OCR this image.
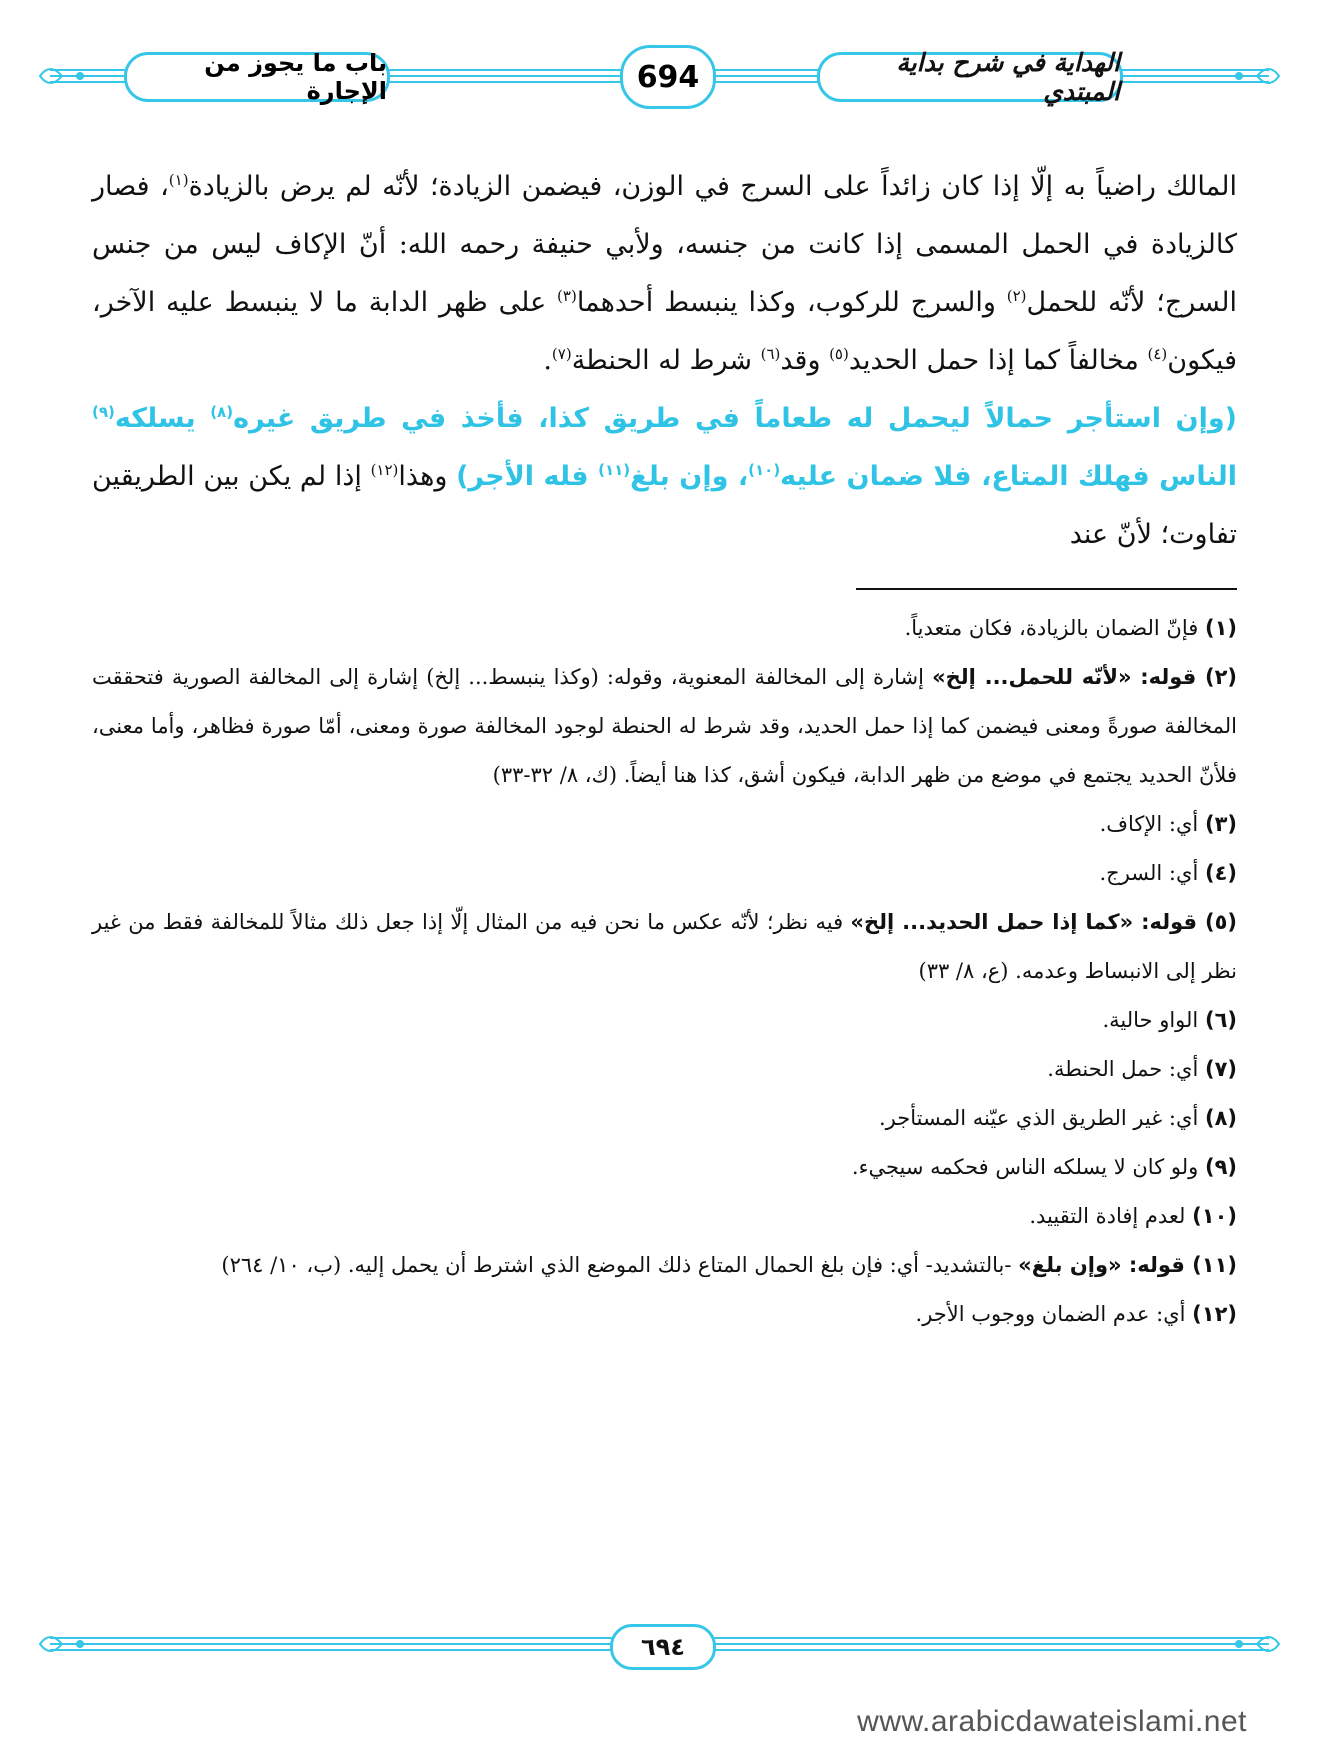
الهداية في شرح بداية المبتدي
694
باب ما يجوز من الإجارة

المالك راضياً به إلّا إذا كان زائداً على السرج في الوزن، فيضمن الزيادة؛ لأنّه لم يرض بالزيادة$^{(١)}$، فصار كالزيادة في الحمل المسمى إذا كانت من جنسه، ولأبي حنيفة رحمه الله: أنّ الإكاف ليس من جنس السرج؛ لأنّه للحمل$^{(٢)}$ والسرج للركوب، وكذا ينبسط أحدهما$^{(٣)}$ على ظهر الدابة ما لا ينبسط عليه الآخر، فيكون$^{(٤)}$ مخالفاً كما إذا حمل الحديد$^{(٥)}$ وقد$^{(٦)}$ شرط له الحنطة$^{(٧)}$.

(وإن استأجر حمالاً ليحمل له طعاماً في طريق كذا، فأخذ في طريق غيره$^{(٨)}$ يسلكه$^{(٩)}$ الناس فهلك المتاع، فلا ضمان عليه$^{(١٠)}$، وإن بلغ$^{(١١)}$ فله الأجر) وهذا$^{(١٢)}$ إذا لم يكن بين الطريقين تفاوت؛ لأنّ عند

(١) فإنّ الضمان بالزيادة، فكان متعدياً.

(٢) قوله: «لأنّه للحمل... إلخ» إشارة إلى المخالفة المعنوية، وقوله: (وكذا ينبسط... إلخ) إشارة إلى المخالفة الصورية فتحققت المخالفة صورةً ومعنى فيضمن كما إذا حمل الحديد، وقد شرط له الحنطة لوجود المخالفة صورة ومعنى، أمّا صورة فظاهر، وأما معنى، فلأنّ الحديد يجتمع في موضع من ظهر الدابة، فيكون أشق، كذا هنا أيضاً. (ك، ٨/ ٣٢-٣٣)

(٣) أي: الإكاف.

(٤) أي: السرج.

(٥) قوله: «كما إذا حمل الحديد... إلخ» فيه نظر؛ لأنّه عكس ما نحن فيه من المثال إلّا إذا جعل ذلك مثالاً للمخالفة فقط من غير نظر إلى الانبساط وعدمه. (ع، ٨/ ٣٣)

(٦) الواو حالية.

(٧) أي: حمل الحنطة.

(٨) أي: غير الطريق الذي عيّنه المستأجر.

(٩) ولو كان لا يسلكه الناس فحكمه سيجيء.

(١٠) لعدم إفادة التقييد.

(١١) قوله: «وإن بلغ» -بالتشديد- أي: فإن بلغ الحمال المتاع ذلك الموضع الذي اشترط أن يحمل إليه. (ب، ١٠/ ٢٦٤)

(١٢) أي: عدم الضمان ووجوب الأجر.

٦٩٤
www.arabicdawateislami.net
